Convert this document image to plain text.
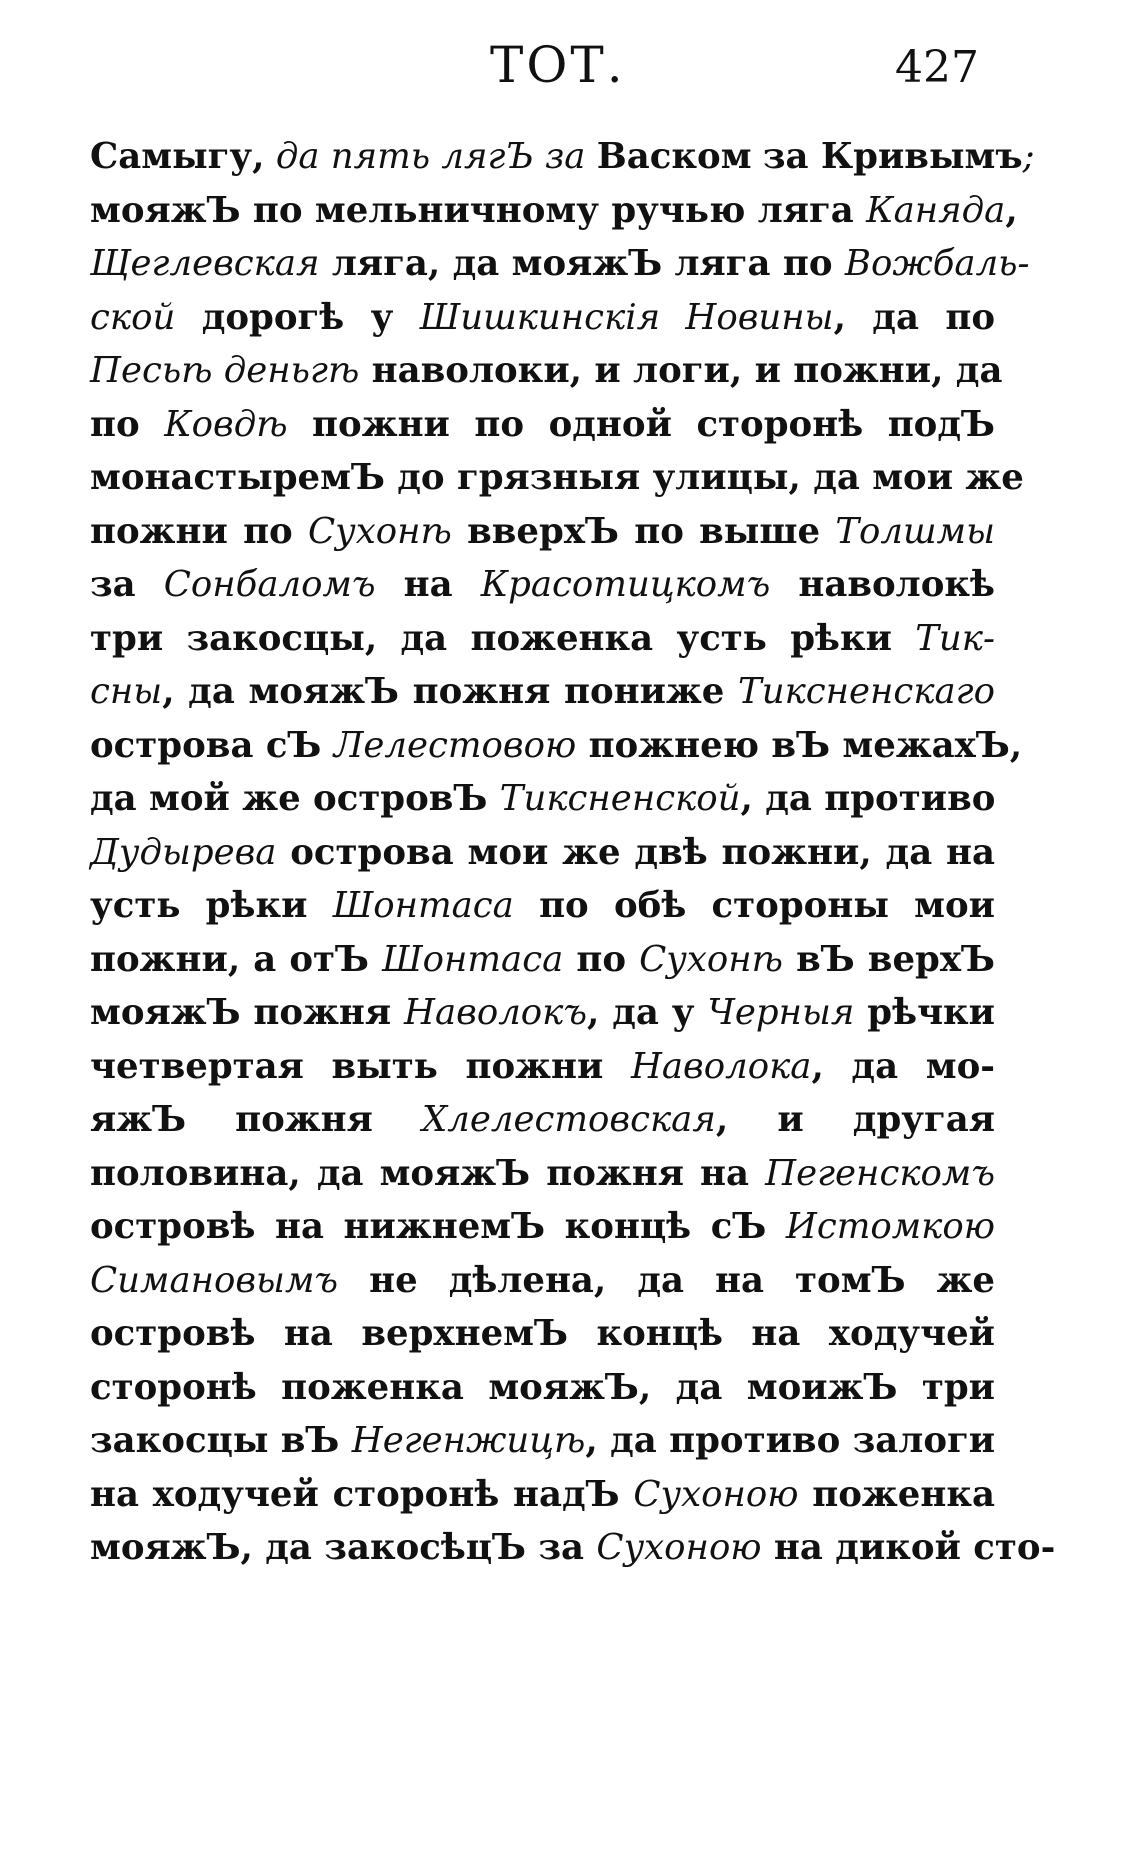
ТОТ.	427
Самыгу, да пять лягЪ за Васком за Кривымъ;
мояжЪ по мельничному ручью ляга Каняда,
Щеглевская ляга, да мояжЪ ляга по Вожбаль-
ской дорогѣ у Шишкинскія Новины, да по
Песьѣ деньгѣ наволоки, и логи, и пожни, да
по Ковдѣ пожни по одной сторонѣ подЪ
монастыремЪ до грязныя улицы, да мои же
пожни по Сухонѣ вверхЪ по выше Толшмы
за Сонбаломъ на Красотицкомъ наволокѣ
три закосцы, да поженка усть рѣки Тик-
сны, да мояжЪ пожня пониже Тиксненскаго
острова сЪ Лелестовою пожнею вЪ межахЪ,
да мой же островЪ Тиксненской, да противо
Дудырева острова мои же двѣ пожни, да на
усть рѣки Шонтаса по обѣ стороны мои
пожни, а отЪ Шонтаса по Сухонѣ вЪ верхЪ
мояжЪ пожня Наволокъ, да у Черныя рѣчки
четвертая выть пожни Наволока, да мо-
яжЪ пожня Хлелестовская, и другая
половина, да мояжЪ пожня на Пегенскомъ
островѣ на нижнемЪ концѣ сЪ Истомкою
Симановымъ не дѣлена, да на томЪ же
островѣ на верхнемЪ концѣ на ходучей
сторонѣ поженка мояжЪ, да моижЪ три
закосцы вЪ Негенжицѣ, да противо залоги
на ходучей сторонѣ надЪ Сухоною поженка
мояжЪ, да закосѣцЪ за Сухоною на дикой сто-
